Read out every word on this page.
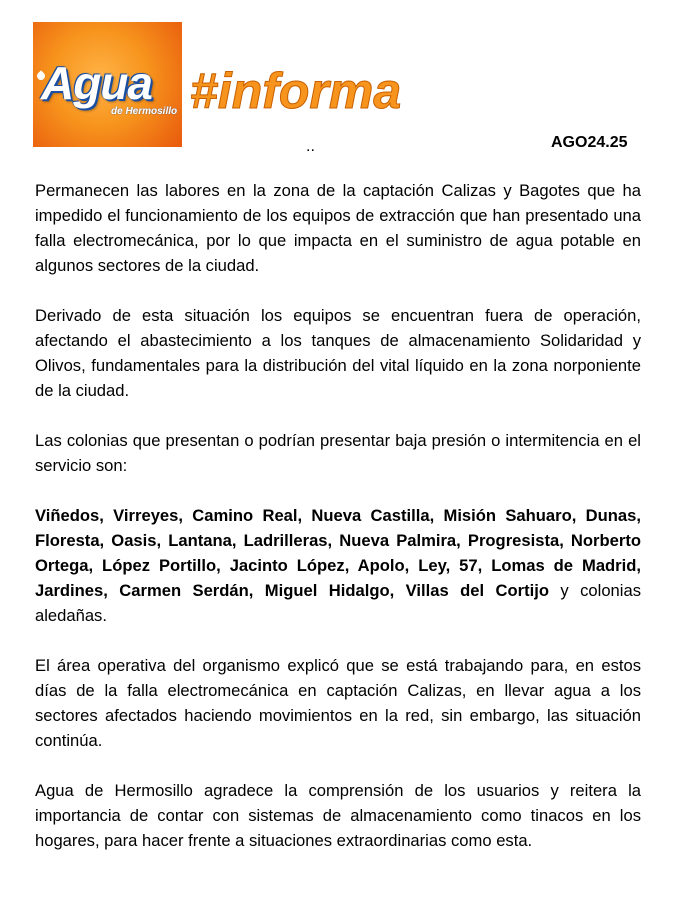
Agua
de Hermosillo #informa
..	AGO24.25

Permanecen las labores en la zona de la captación Calizas y Bagotes que ha impedido el funcionamiento de los equipos de extracción que han presentado una falla electromecánica, por lo que impacta en el suministro de agua potable en algunos sectores de la ciudad.

Derivado de esta situación los equipos se encuentran fuera de operación, afectando el abastecimiento a los tanques de almacenamiento Solidaridad y Olivos, fundamentales para la distribución del vital líquido en la zona norponiente de la ciudad.

Las colonias que presentan o podrían presentar baja presión o intermitencia en el servicio son:

Viñedos, Virreyes, Camino Real, Nueva Castilla, Misión Sahuaro, Dunas, Floresta, Oasis, Lantana, Ladrilleras, Nueva Palmira, Progresista, Norberto Ortega, López Portillo, Jacinto López, Apolo, Ley, 57, Lomas de Madrid, Jardines, Carmen Serdán, Miguel Hidalgo, Villas del Cortijo y colonias aledañas.

El área operativa del organismo explicó que se está trabajando para, en estos días de la falla electromecánica en captación Calizas, en llevar agua a los sectores afectados haciendo movimientos en la red, sin embargo, las situación continúa.

Agua de Hermosillo agradece la comprensión de los usuarios y reitera la importancia de contar con sistemas de almacenamiento como tinacos en los hogares, para hacer frente a situaciones extraordinarias como esta.
